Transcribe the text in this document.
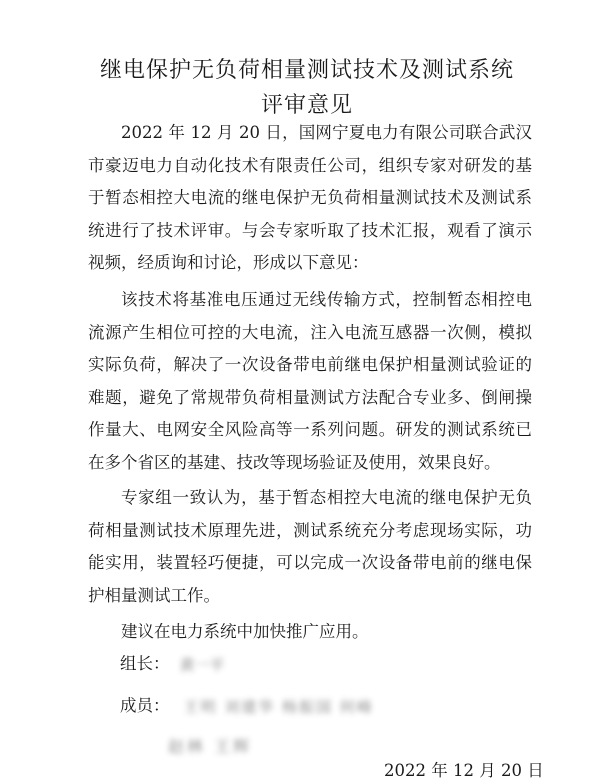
继电保护无负荷相量测试技术及测试系统
评审意见

2022 年 12 月 20 日，国网宁夏电力有限公司联合武汉市豪迈电力自动化技术有限责任公司，组织专家对研发的基于暂态相控大电流的继电保护无负荷相量测试技术及测试系统进行了技术评审。与会专家听取了技术汇报，观看了演示视频，经质询和讨论，形成以下意见：

该技术将基准电压通过无线传输方式，控制暂态相控电流源产生相位可控的大电流，注入电流互感器一次侧，模拟实际负荷，解决了一次设备带电前继电保护相量测试验证的难题，避免了常规带负荷相量测试方法配合专业多、倒闸操作量大、电网安全风险高等一系列问题。研发的测试系统已在多个省区的基建、技改等现场验证及使用，效果良好。

专家组一致认为，基于暂态相控大电流的继电保护无负荷相量测试技术原理先进，测试系统充分考虑现场实际，功能实用，装置轻巧便捷，可以完成一次设备带电前的继电保护相量测试工作。

建议在电力系统中加快推广应用。

组长： 黄一平
成员： 王明 刘建华 杨振国 何峰
赵林 王辉
2022 年 12 月 20 日
